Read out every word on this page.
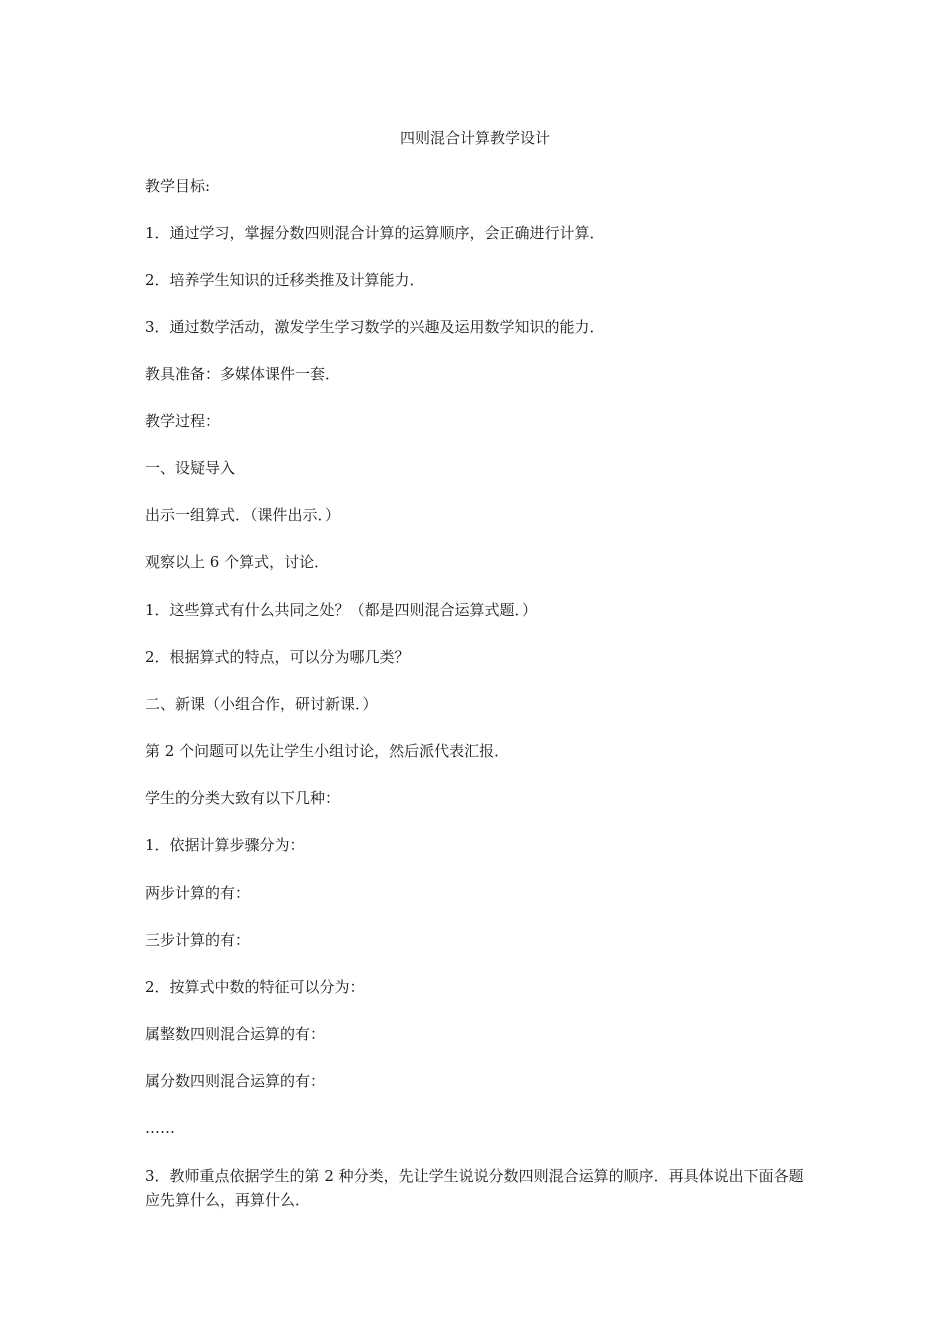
四则混合计算教学设计

教学目标:

1．通过学习，掌握分数四则混合计算的运算顺序，会正确进行计算．

2．培养学生知识的迁移类推及计算能力．

3．通过数学活动，激发学生学习数学的兴趣及运用数学知识的能力．

教具准备：多媒体课件一套．

教学过程：

一、设疑导入

出示一组算式．（课件出示．）

观察以上 6 个算式，讨论．

1．这些算式有什么共同之处？（都是四则混合运算式题．）

2．根据算式的特点，可以分为哪几类？

二、新课（小组合作，研讨新课．）

第 2 个问题可以先让学生小组讨论，然后派代表汇报．

学生的分类大致有以下几种：

1．依据计算步骤分为：

两步计算的有：

三步计算的有：

2．按算式中数的特征可以分为：

属整数四则混合运算的有：

属分数四则混合运算的有：

……

3．教师重点依据学生的第 2 种分类，先让学生说说分数四则混合运算的顺序．再具体说出下面各题应先算什么，再算什么．
